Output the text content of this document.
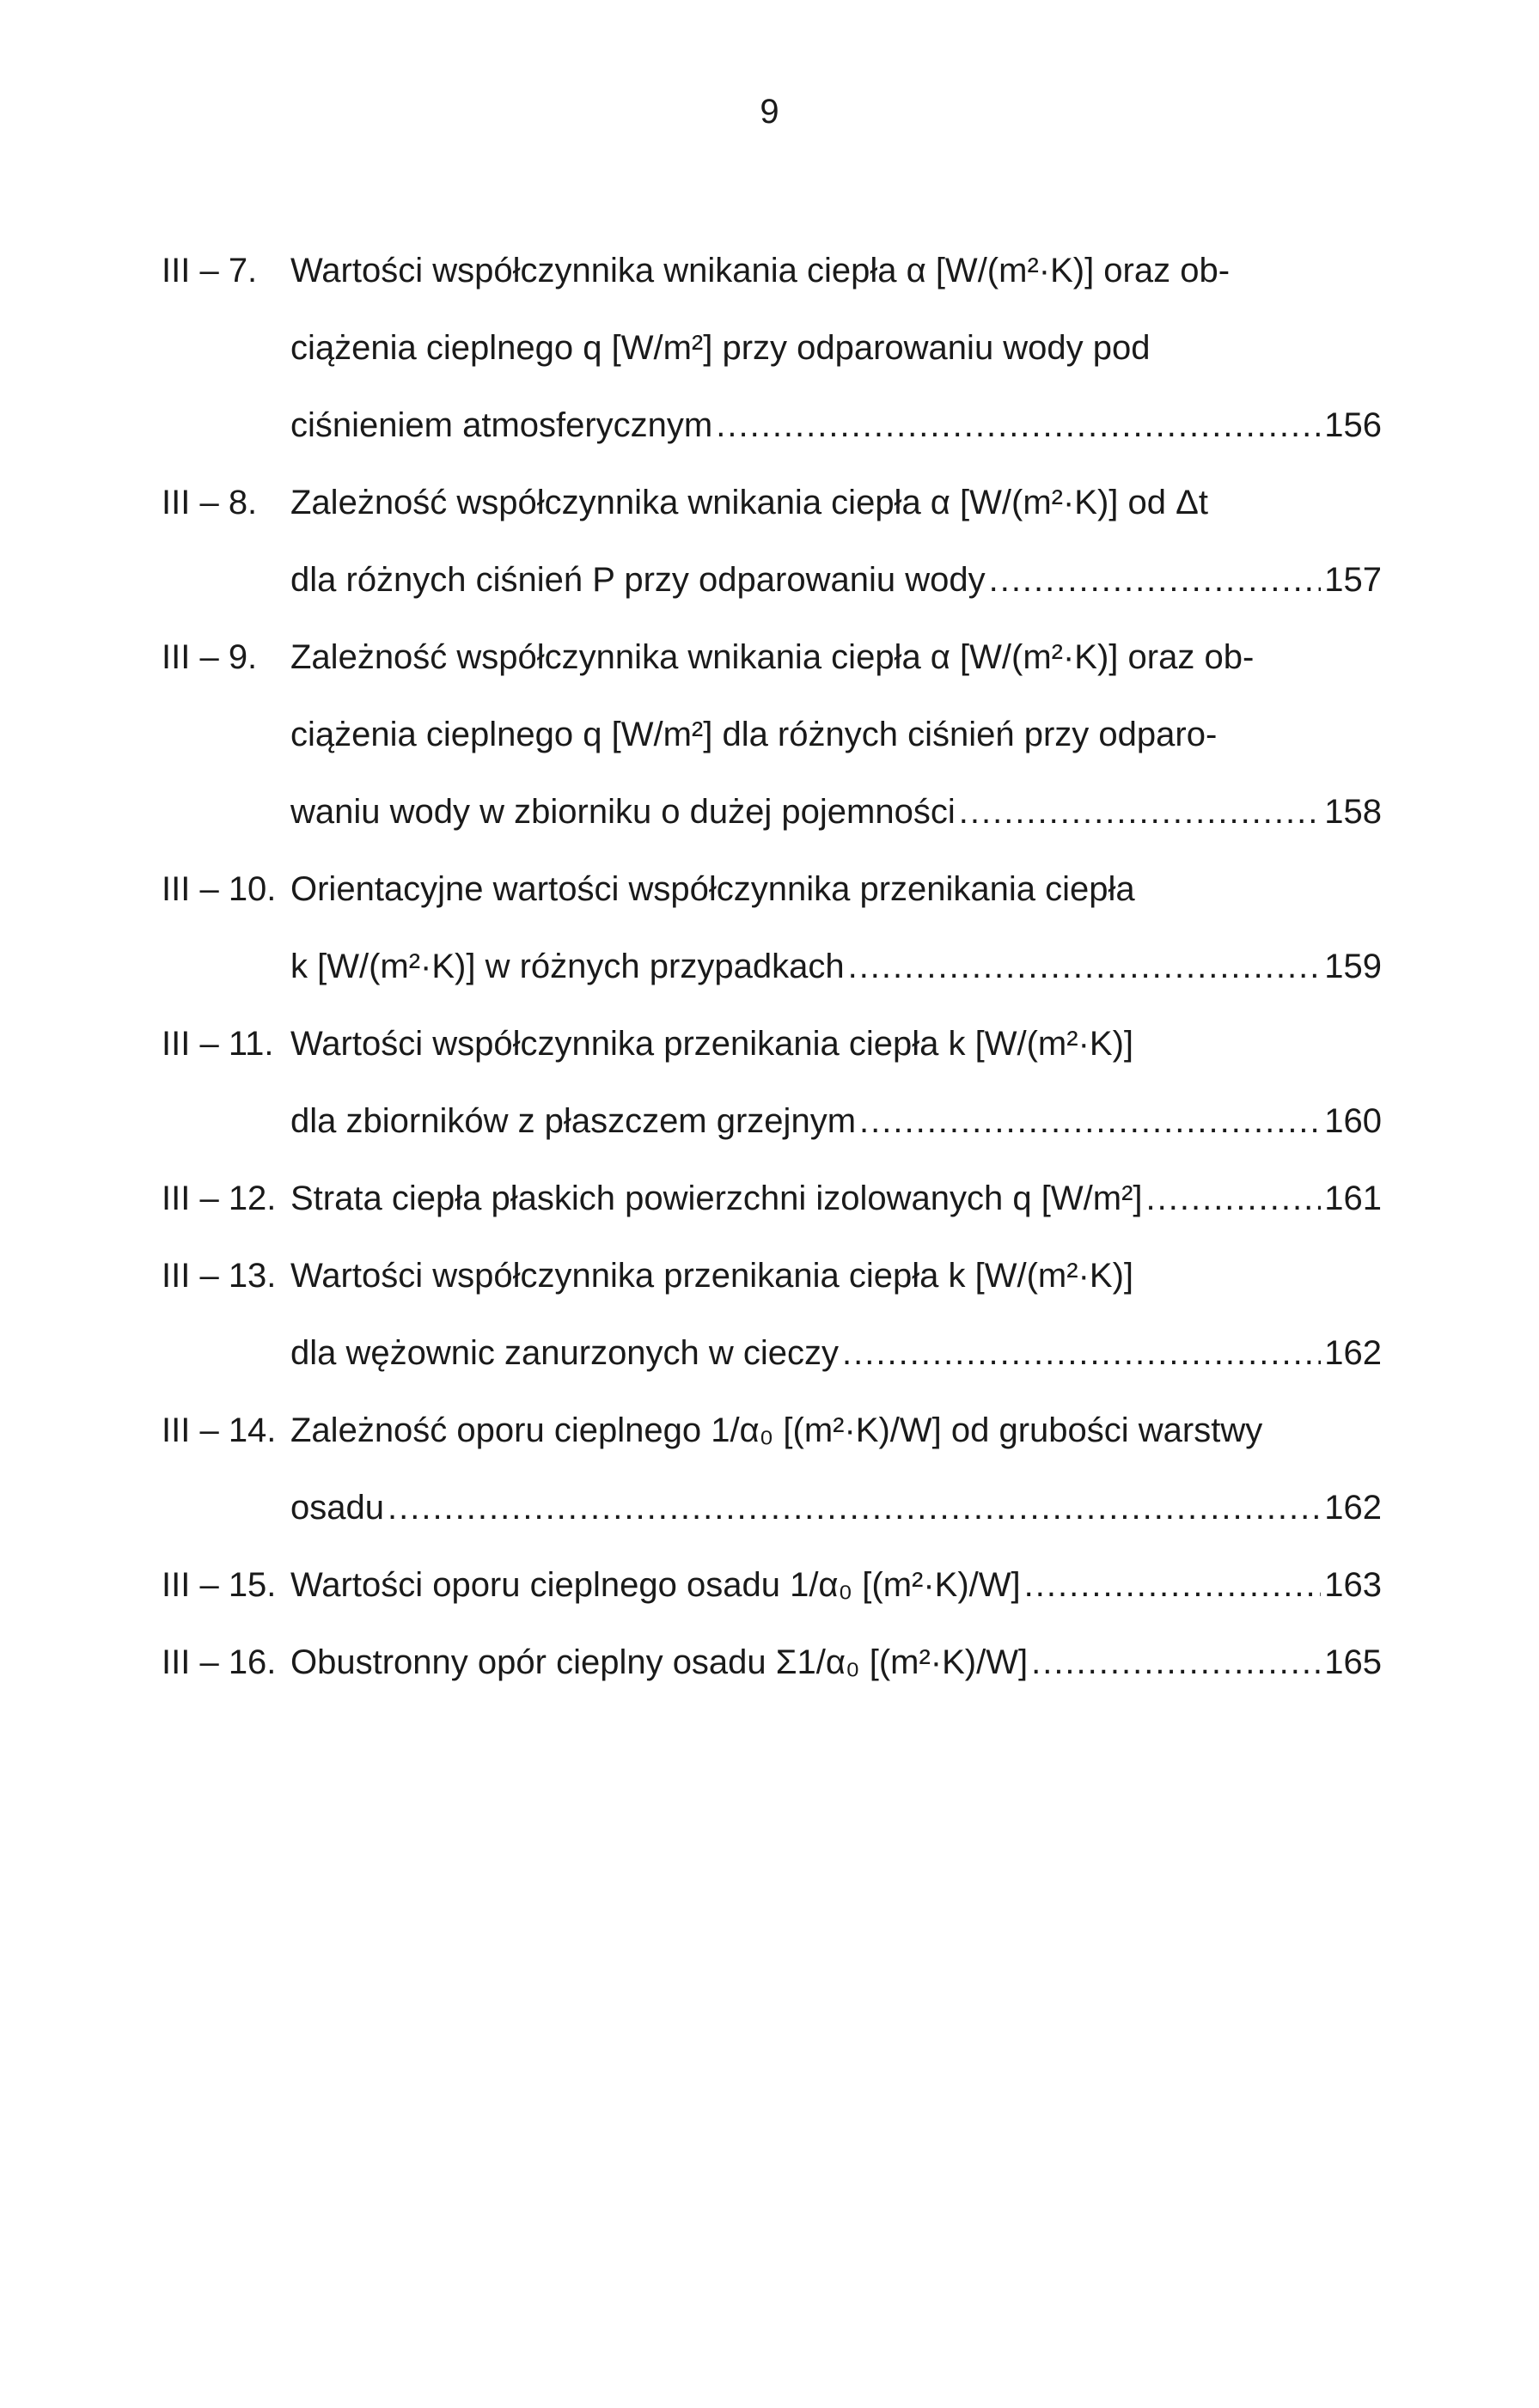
9
III – 7. Wartości współczynnika wnikania ciepła α [W/(m²·K)] oraz ob-
ciążenia cieplnego q [W/m²] przy odparowaniu wody pod
ciśnieniem atmosferycznym .....	156
III – 8. Zależność współczynnika wnikania ciepła α [W/(m²·K)] od Δt
dla różnych ciśnień P przy odparowaniu wody .....	157
III – 9. Zależność współczynnika wnikania ciepła α [W/(m²·K)] oraz ob-
ciążenia cieplnego q [W/m²] dla różnych ciśnień przy odparo-
waniu wody w zbiorniku o dużej pojemności .....	158
III – 10. Orientacyjne wartości współczynnika przenikania ciepła
k [W/(m²·K)] w różnych przypadkach .....	159
III – 11. Wartości współczynnika przenikania ciepła k [W/(m²·K)]
dla zbiorników z płaszczem grzejnym .....	160
III – 12. Strata ciepła płaskich powierzchni izolowanych q [W/m²] .....	161
III – 13. Wartości współczynnika przenikania ciepła k [W/(m²·K)]
dla wężownic zanurzonych w cieczy .....	162
III – 14. Zależność oporu cieplnego 1/α₀ [(m²·K)/W] od grubości warstwy
osadu .....	162
III – 15. Wartości oporu cieplnego osadu 1/α₀ [(m²·K)/W] .....	163
III – 16. Obustronny opór cieplny osadu Σ1/α₀ [(m²·K)/W] .....	165
